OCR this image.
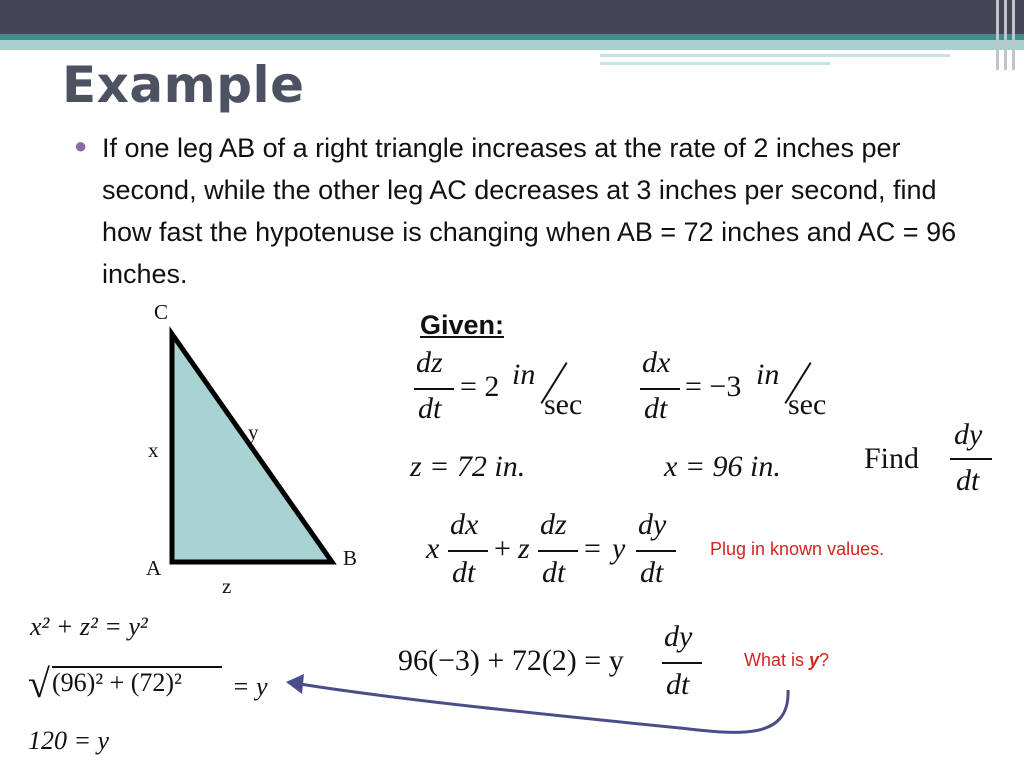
Example
● If one leg AB of a right triangle increases at the rate of 2 inches per second, while the other leg AC decreases at 3 inches per second, find how fast the hypotenuse is changing when AB = 72 inches and AC = 96 inches.
C
A	B
x
y
z
Given:
dz
dt
= 2 in
sec
dx
dt
= −3 in
sec
z = 72 in.	x = 96 in.	Find
dy
dt
x
dx
dt
+ z
dz
dt
= y
dy
dt
Plug in known values.
96(−3) + 72(2) = y
dy
dt
What is y?
x² + z² = y²
√ (96)² + (72)² = y
120 = y
